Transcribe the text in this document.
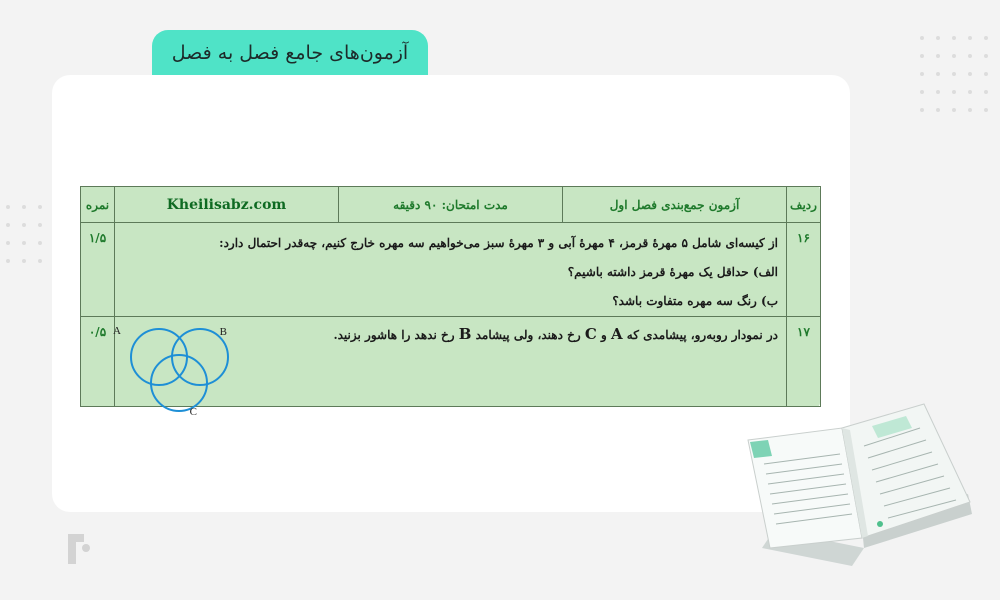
آزمون‌های جامع فصل به فصل
ردیف	آزمون جمع‌بندی فصل اول	مدت امتحان: ۹۰ دقیقه	Kheilisabz.com	نمره
۱۶	از کیسه‌ای شامل ۵ مهرهٔ قرمز، ۴ مهرهٔ آبی و ۳ مهرهٔ سبز می‌خواهیم سه مهره خارج کنیم، چه‌قدر احتمال دارد:

الف) حداقل یک مهرهٔ قرمز داشته باشیم؟

ب) رنگ سه مهره متفاوت باشد؟			۱/۵
۱۷	در نمودار روبه‌رو، پیشامدی که A و C رخ دهند، ولی پیشامد B رخ ندهد را هاشور بزنید.
A B
C			۰/۵
